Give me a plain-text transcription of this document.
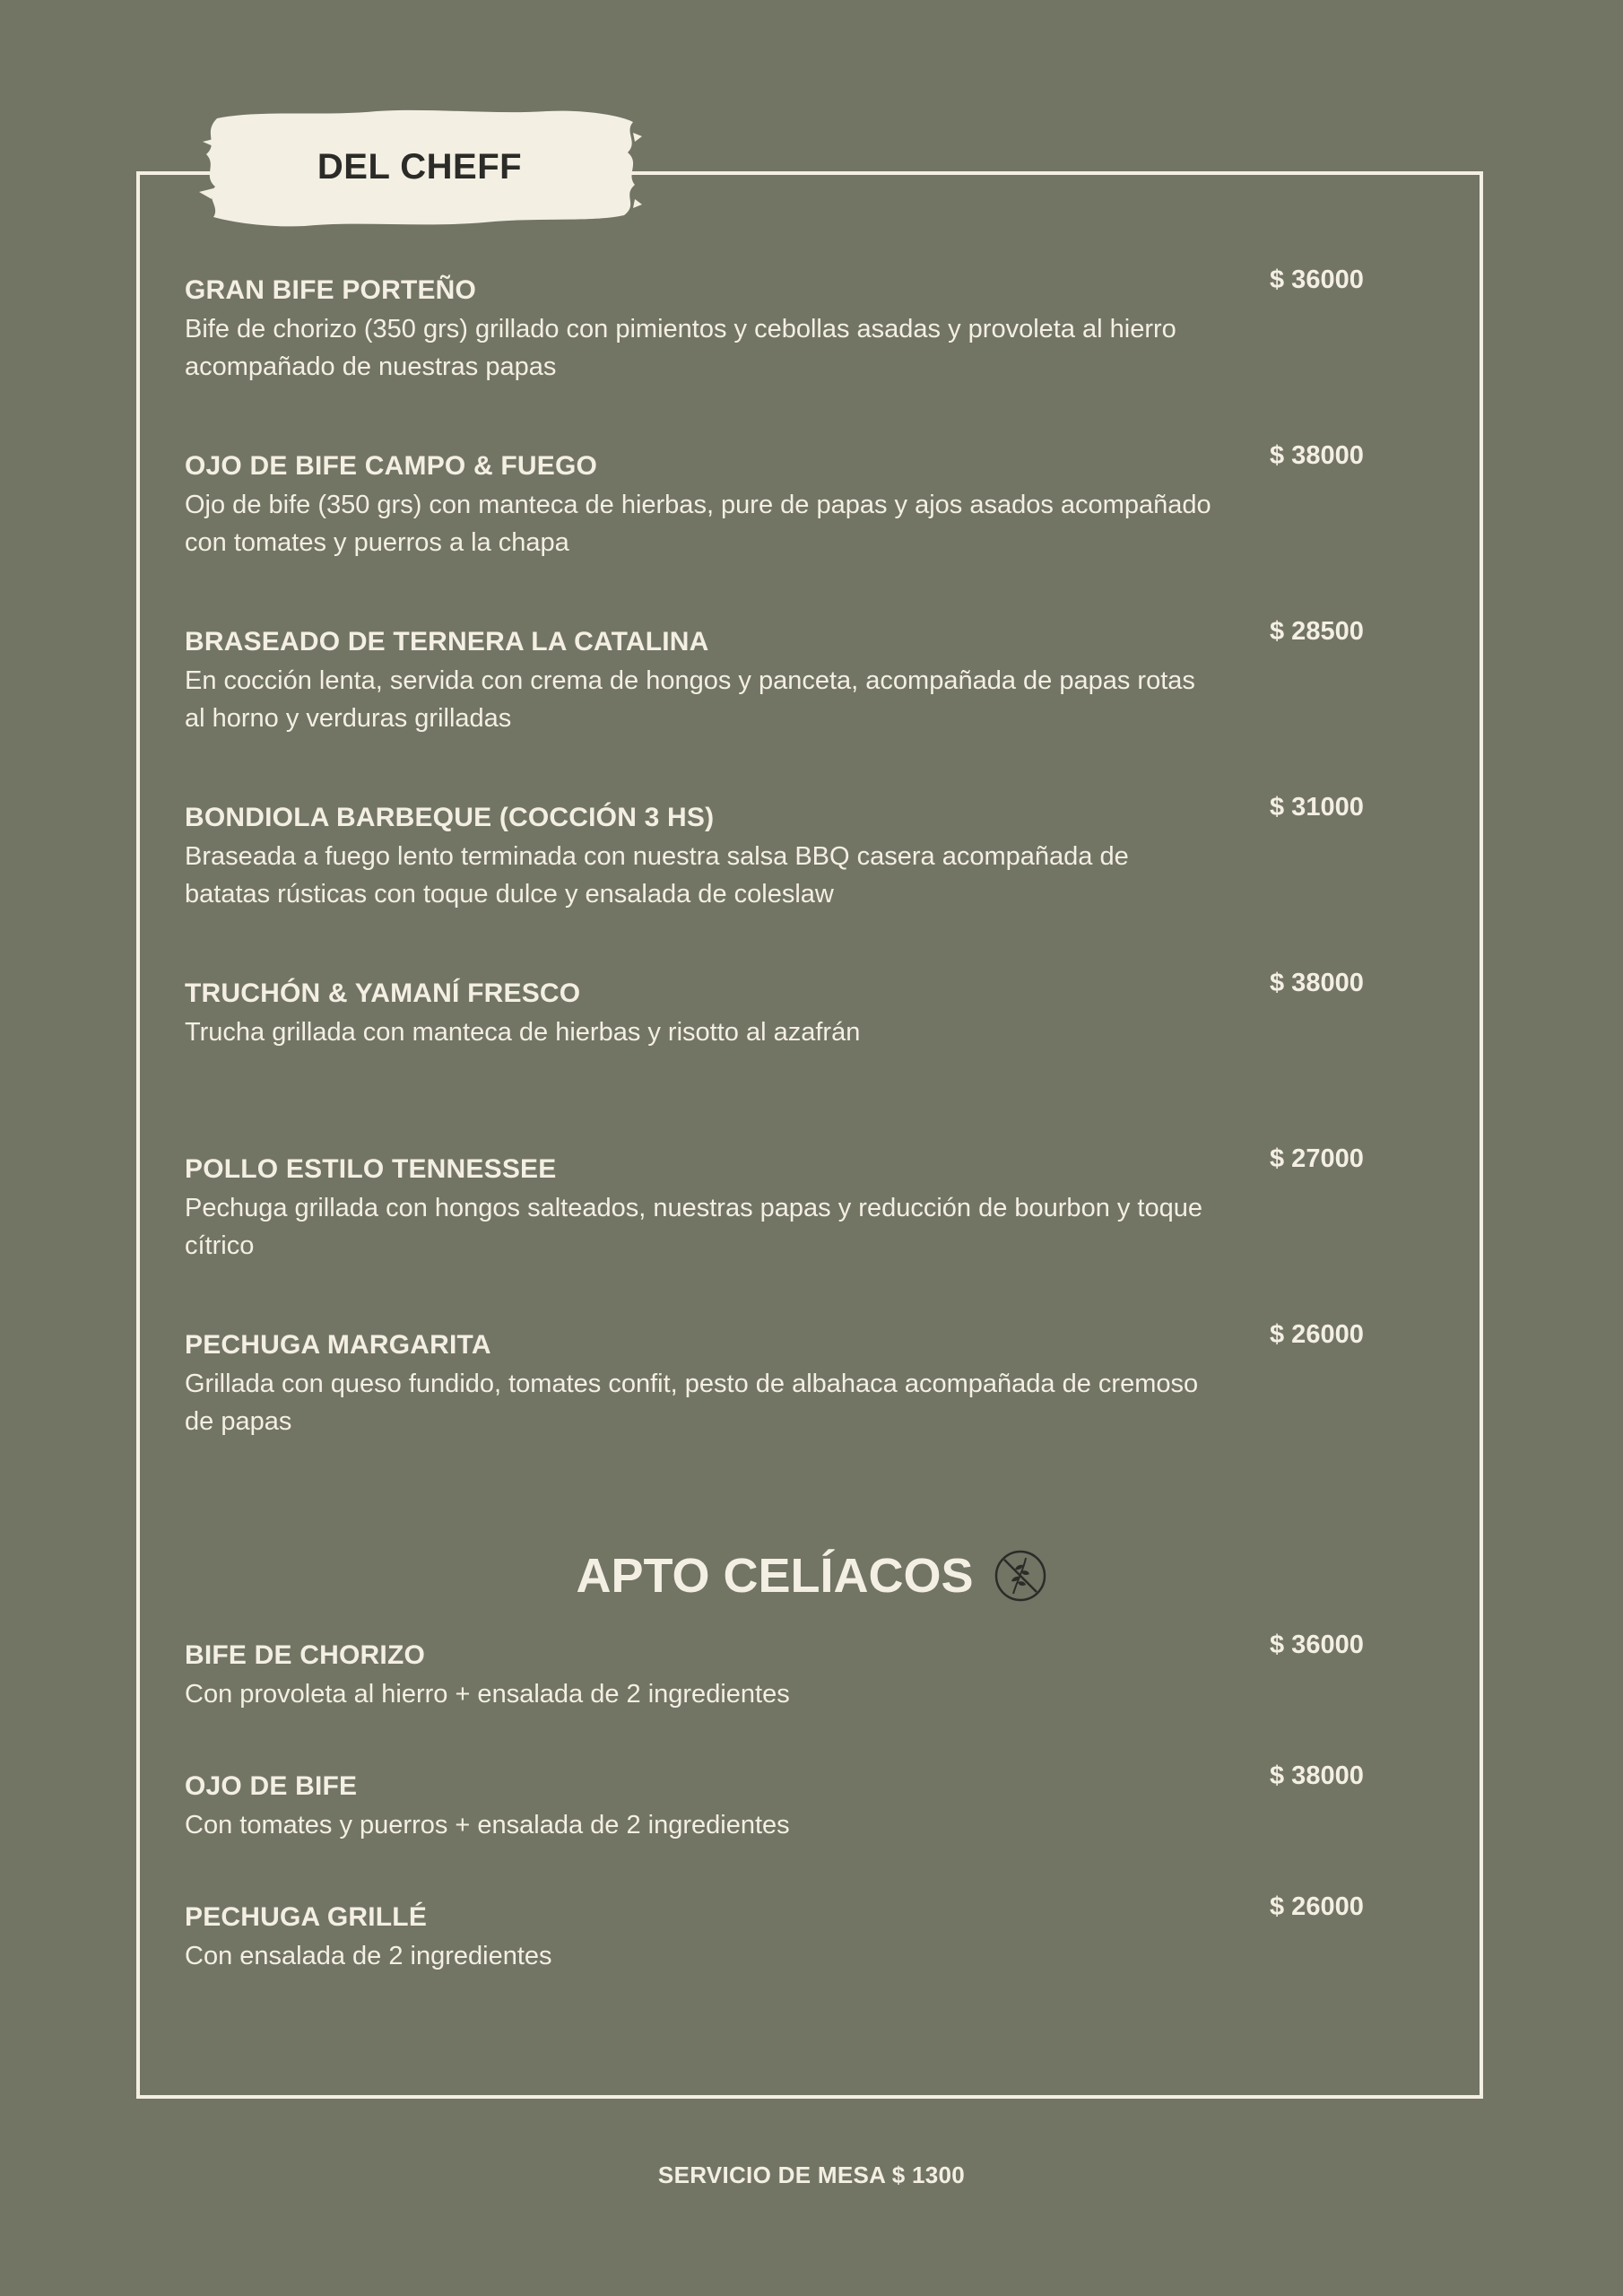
DEL CHEFF
GRAN BIFE PORTEÑO
Bife de chorizo (350 grs) grillado con pimientos y cebollas asadas y provoleta al hierro acompañado de nuestras papas
$ 36000
OJO DE BIFE CAMPO & FUEGO
Ojo de bife (350 grs) con manteca de hierbas, pure de papas y ajos asados acompañado con tomates y puerros a la chapa
$ 38000
BRASEADO DE TERNERA LA CATALINA
En cocción lenta, servida con crema de hongos y panceta, acompañada de papas rotas al horno y verduras grilladas
$ 28500
BONDIOLA BARBEQUE (COCCIÓN 3 HS)
Braseada a fuego lento terminada con nuestra salsa BBQ casera acompañada de batatas rústicas con toque dulce y ensalada de coleslaw
$ 31000
TRUCHÓN & YAMANÍ FRESCO
Trucha grillada con manteca de hierbas y risotto al azafrán
$ 38000
POLLO ESTILO TENNESSEE
Pechuga grillada con hongos salteados, nuestras papas y reducción de bourbon y toque cítrico
$ 27000
PECHUGA MARGARITA
Grillada con queso fundido, tomates confit, pesto de albahaca acompañada de cremoso de papas
$ 26000
APTO CELÍACOS
BIFE DE CHORIZO
Con provoleta al hierro + ensalada de 2 ingredientes
$ 36000
OJO DE BIFE
Con tomates y puerros + ensalada de 2 ingredientes
$ 38000
PECHUGA GRILLÉ
Con ensalada de 2 ingredientes
$ 26000
SERVICIO DE MESA $ 1300
